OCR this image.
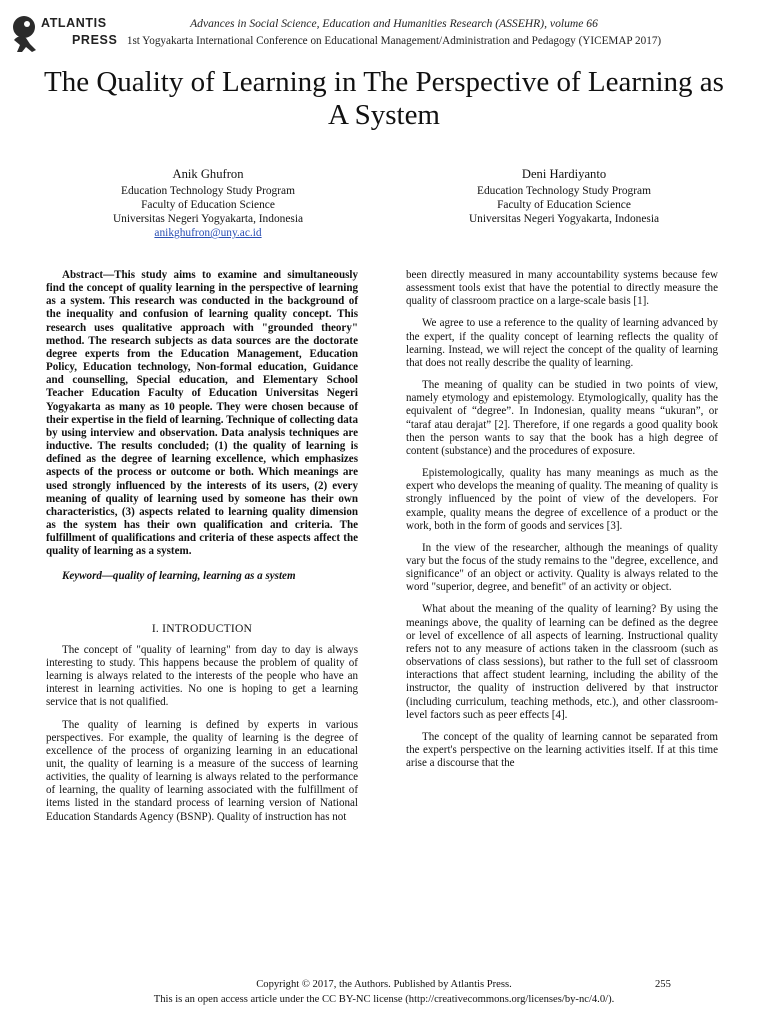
ATLANTIS
PRESS
Advances in Social Science, Education and Humanities Research (ASSEHR), volume 66
1st Yogyakarta International Conference on Educational Management/Administration and Pedagogy (YICEMAP 2017)
The Quality of Learning in The Perspective of Learning as A System
Anik Ghufron
Education Technology Study Program
Faculty of Education Science
Universitas Negeri Yogyakarta, Indonesia
anikghufron@uny.ac.id
Deni Hardiyanto
Education Technology Study Program
Faculty of Education Science
Universitas Negeri Yogyakarta, Indonesia

Abstract—This study aims to examine and simultaneously find the concept of quality learning in the perspective of learning as a system. This research was conducted in the background of the inequality and confusion of learning quality concept. This research uses qualitative approach with "grounded theory" method. The research subjects as data sources are the doctorate degree experts from the Education Management, Education Policy, Education technology, Non-formal education, Guidance and counselling, Special education, and Elementary School Teacher Education Faculty of Education Universitas Negeri Yogyakarta as many as 10 people. They were chosen because of their expertise in the field of learning. Technique of collecting data by using interview and observation. Data analysis techniques are inductive. The results concluded; (1) the quality of learning is defined as the degree of learning excellence, which emphasizes aspects of the process or outcome or both. Which meanings are used strongly influenced by the interests of its users, (2) every meaning of quality of learning used by someone has their own characteristics, (3) aspects related to learning quality dimension as the system has their own qualification and criteria. The fulfillment of qualifications and criteria of these aspects affect the quality of learning as a system.

Keyword—quality of learning, learning as a system

I. INTRODUCTION

The concept of "quality of learning" from day to day is always interesting to study. This happens because the problem of quality of learning is always related to the interests of the people who have an interest in learning activities. No one is hoping to get a learning service that is not qualified.

The quality of learning is defined by experts in various perspectives. For example, the quality of learning is the degree of excellence of the process of organizing learning in an educational unit, the quality of learning is a measure of the success of learning activities, the quality of learning is always related to the performance of learning, the quality of learning associated with the fulfillment of items listed in the standard process of learning version of National Education Standards Agency (BSNP). Quality of instruction has not

been directly measured in many accountability systems because few assessment tools exist that have the potential to directly measure the quality of classroom practice on a large-scale basis [1].

We agree to use a reference to the quality of learning advanced by the expert, if the quality concept of learning reflects the quality of learning. Instead, we will reject the concept of the quality of learning that does not really describe the quality of learning.

The meaning of quality can be studied in two points of view, namely etymology and epistemology. Etymologically, quality has the equivalent of “degree”. In Indonesian, quality means “ukuran”, or “taraf atau derajat” [2]. Therefore, if one regards a good quality book then the person wants to say that the book has a high degree of content (substance) and the procedures of exposure.

Epistemologically, quality has many meanings as much as the expert who develops the meaning of quality. The meaning of quality is strongly influenced by the point of view of the developers. For example, quality means the degree of excellence of a product or the work, both in the form of goods and services [3].

In the view of the researcher, although the meanings of quality vary but the focus of the study remains to the "degree, excellence, and significance" of an object or activity. Quality is always related to the word "superior, degree, and benefit" of an activity or object.

What about the meaning of the quality of learning? By using the meanings above, the quality of learning can be defined as the degree or level of excellence of all aspects of learning. Instructional quality refers not to any measure of actions taken in the classroom (such as observations of class sessions), but rather to the full set of classroom interactions that affect student learning, including the ability of the instructor, the quality of instruction delivered by that instructor (including curriculum, teaching methods, etc.), and other classroom-level factors such as peer effects [4].

The concept of the quality of learning cannot be separated from the expert's perspective on the learning activities itself. If at this time arise a discourse that the

Copyright © 2017, the Authors. Published by Atlantis Press.	255
This is an open access article under the CC BY-NC license (http://creativecommons.org/licenses/by-nc/4.0/).
